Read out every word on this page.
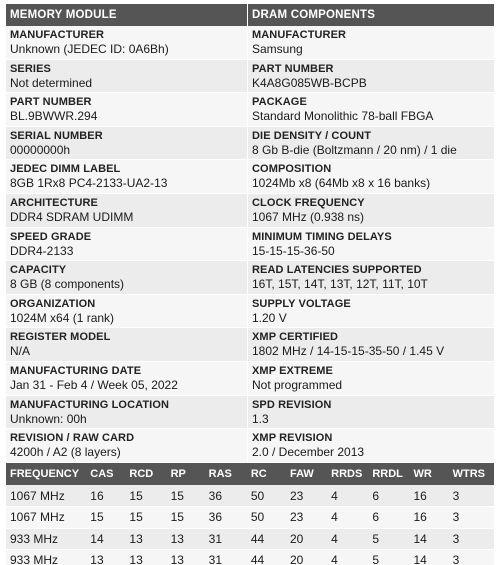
MEMORY MODULE
MANUFACTURER
Unknown (JEDEC ID: 0A6Bh)
SERIES
Not determined
PART NUMBER
BL.9BWWR.294
SERIAL NUMBER
00000000h
JEDEC DIMM LABEL
8GB 1Rx8 PC4-2133-UA2-13
ARCHITECTURE
DDR4 SDRAM UDIMM
SPEED GRADE
DDR4-2133
CAPACITY
8 GB (8 components)
ORGANIZATION
1024M x64 (1 rank)
REGISTER MODEL
N/A
MANUFACTURING DATE
Jan 31 - Feb 4 / Week 05, 2022
MANUFACTURING LOCATION
Unknown: 00h
REVISION / RAW CARD
4200h / A2 (8 layers)
DRAM COMPONENTS
MANUFACTURER
Samsung
PART NUMBER
K4A8G085WB-BCPB
PACKAGE
Standard Monolithic 78-ball FBGA
DIE DENSITY / COUNT
8 Gb B-die (Boltzmann / 20 nm) / 1 die
COMPOSITION
1024Mb x8 (64Mb x8 x 16 banks)
CLOCK FREQUENCY
1067 MHz (0.938 ns)
MINIMUM TIMING DELAYS
15-15-15-36-50
READ LATENCIES SUPPORTED
16T, 15T, 14T, 13T, 12T, 11T, 10T
SUPPLY VOLTAGE
1.20 V
XMP CERTIFIED
1802 MHz / 14-15-15-35-50 / 1.45 V
XMP EXTREME
Not programmed
SPD REVISION
1.3
XMP REVISION
2.0 / December 2013
FREQUENCY	CAS	RCD	RP	RAS	RC	FAW	RRDS	RRDL	WR	WTRS
1067 MHz	16	15	15	36	50	23	4	6	16	3
1067 MHz	15	15	15	36	50	23	4	6	16	3
933 MHz	14	13	13	31	44	20	4	5	14	3
933 MHz	13	13	13	31	44	20	4	5	14	3
